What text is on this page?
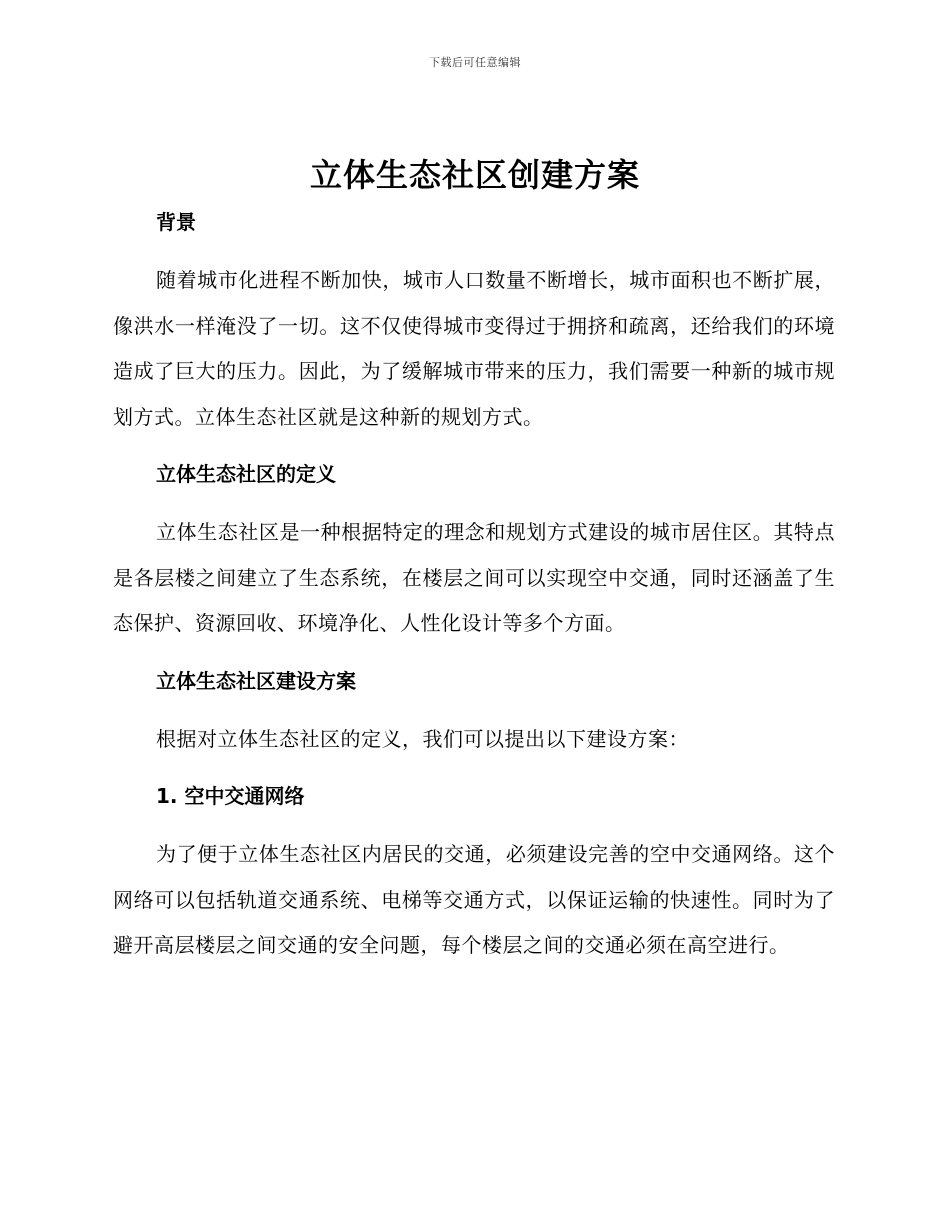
下载后可任意编辑
立体生态社区创建方案
背景

随着城市化进程不断加快，城市人口数量不断增长，城市面积也不断扩展，像洪水一样淹没了一切。这不仅使得城市变得过于拥挤和疏离，还给我们的环境造成了巨大的压力。因此，为了缓解城市带来的压力，我们需要一种新的城市规划方式。立体生态社区就是这种新的规划方式。

立体生态社区的定义

立体生态社区是一种根据特定的理念和规划方式建设的城市居住区。其特点是各层楼之间建立了生态系统，在楼层之间可以实现空中交通，同时还涵盖了生态保护、资源回收、环境净化、人性化设计等多个方面。

立体生态社区建设方案

根据对立体生态社区的定义，我们可以提出以下建设方案：

1. 空中交通网络

为了便于立体生态社区内居民的交通，必须建设完善的空中交通网络。这个网络可以包括轨道交通系统、电梯等交通方式，以保证运输的快速性。同时为了避开高层楼层之间交通的安全问题，每个楼层之间的交通必须在高空进行。
